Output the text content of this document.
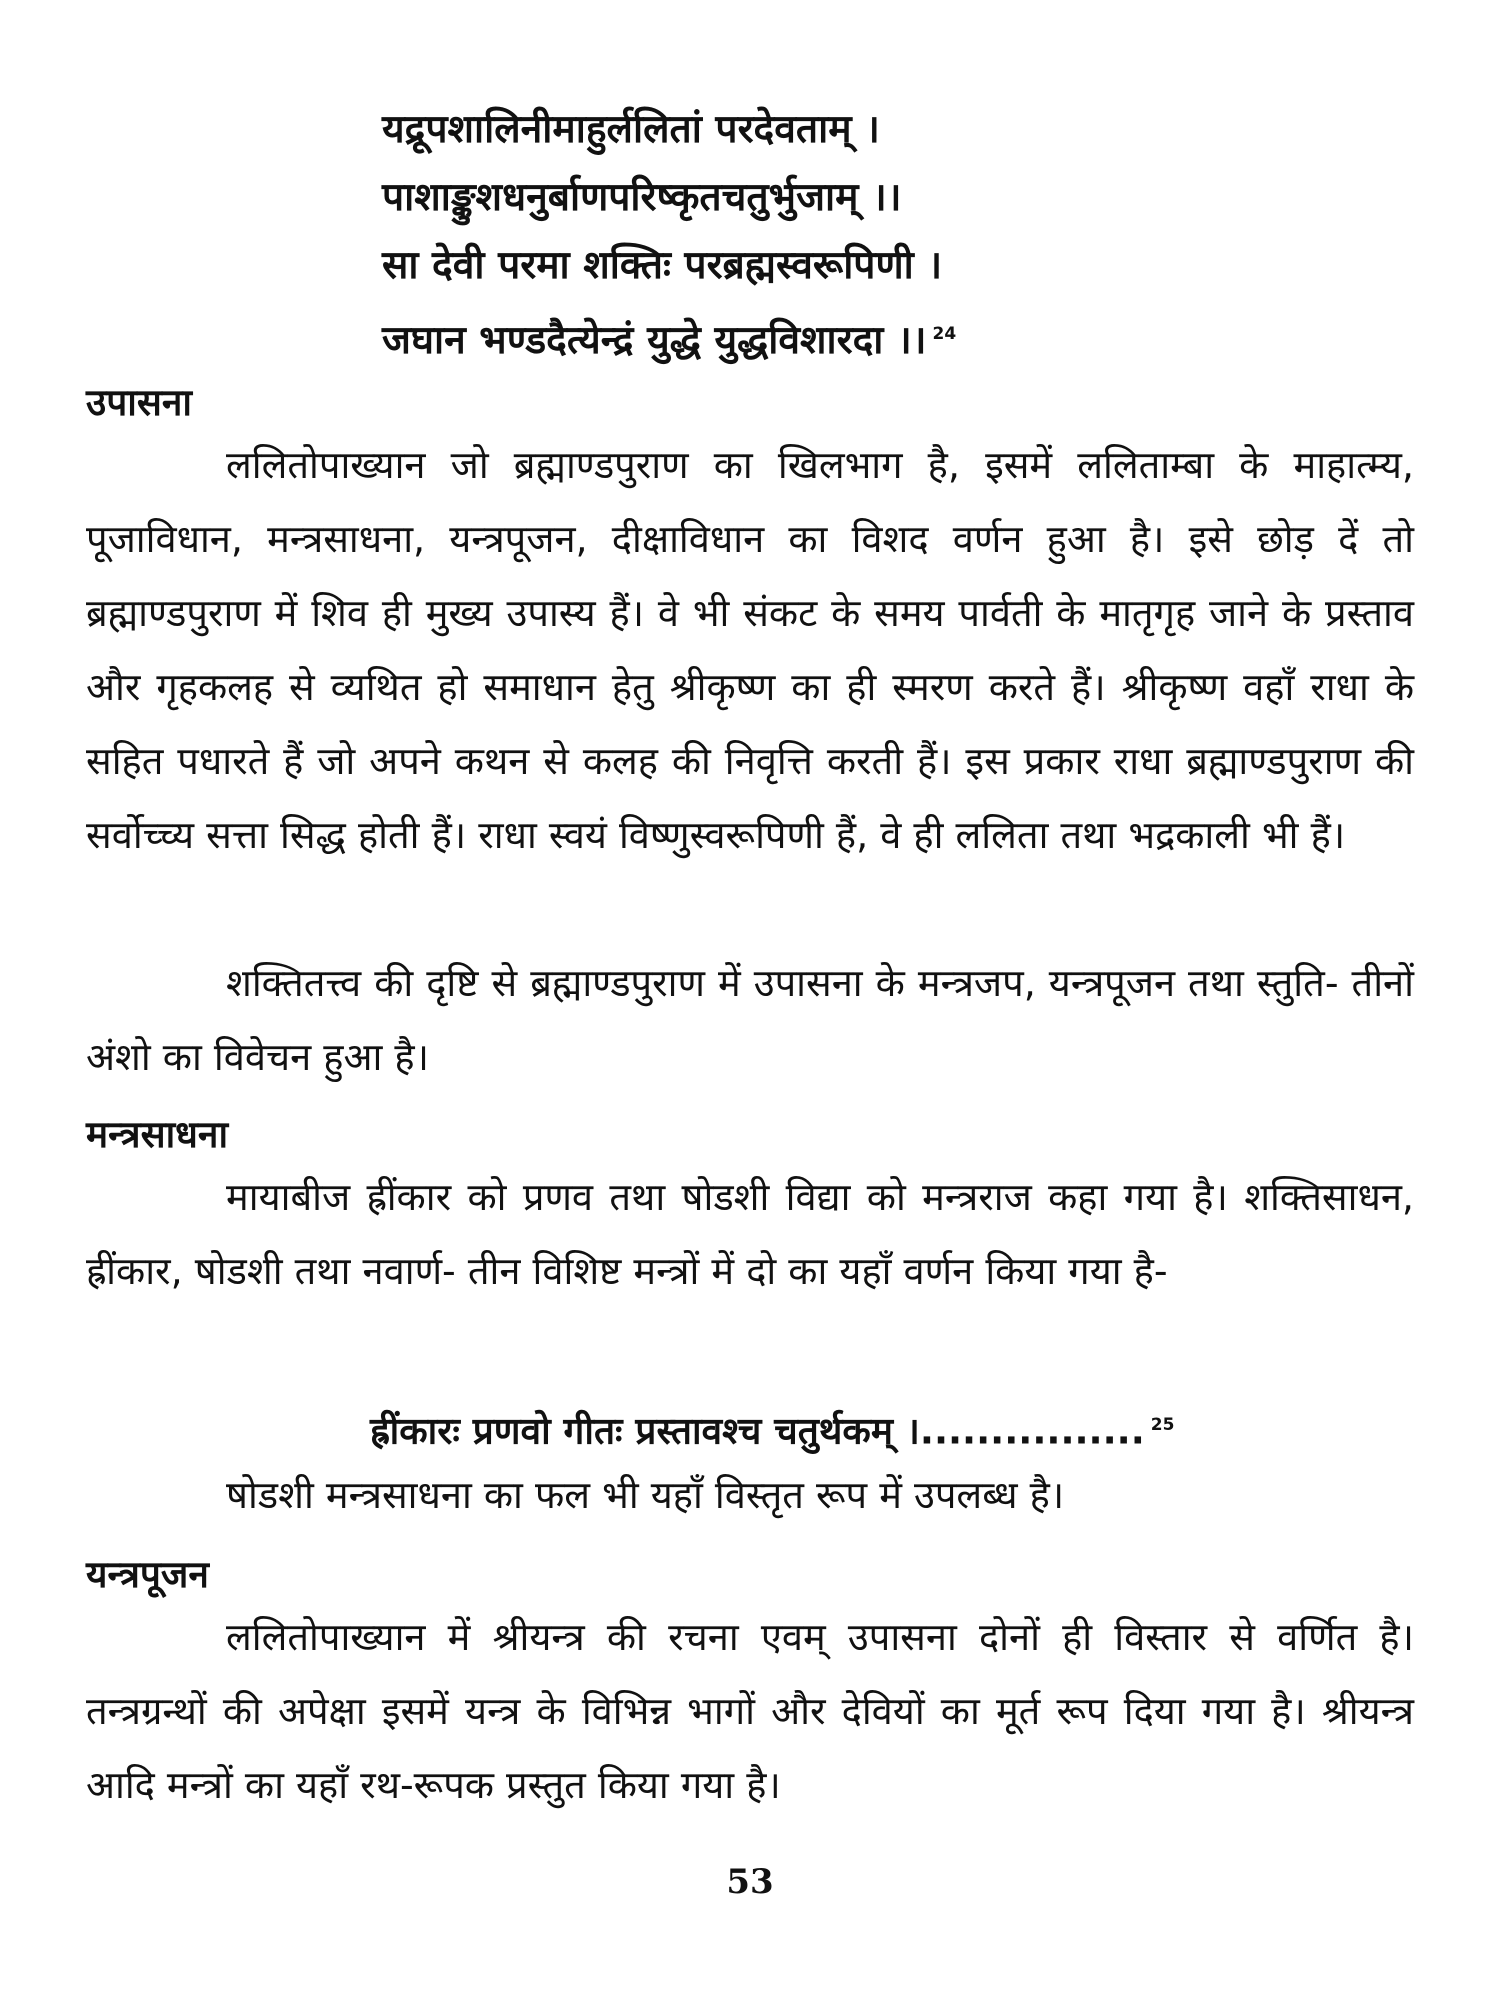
यद्रूपशालिनीमाहुर्ललितां परदेवताम् ।
पाशाङ्कुशधनुर्बाणपरिष्कृतचतुर्भुजाम् ।।
सा देवी परमा शक्तिः परब्रह्मस्वरूपिणी ।
जघान भण्डदैत्येन्द्रं युद्धे युद्धविशारदा ।। $^{24}$
उपासना

ललितोपाख्यान जो ब्रह्माण्डपुराण का खिलभाग है, इसमें ललिताम्बा के माहात्म्य, पूजाविधान, मन्त्रसाधना, यन्त्रपूजन, दीक्षाविधान का विशद वर्णन हुआ है। इसे छोड़ दें तो ब्रह्माण्डपुराण में शिव ही मुख्य उपास्य हैं। वे भी संकट के समय पार्वती के मातृगृह जाने के प्रस्ताव और गृहकलह से व्यथित हो समाधान हेतु श्रीकृष्ण का ही स्मरण करते हैं। श्रीकृष्ण वहाँ राधा के सहित पधारते हैं जो अपने कथन से कलह की निवृत्ति करती हैं। इस प्रकार राधा ब्रह्माण्डपुराण की सर्वोच्च्य सत्ता सिद्ध होती हैं। राधा स्वयं विष्णुस्वरूपिणी हैं, वे ही ललिता तथा भद्रकाली भी हैं।

शक्तितत्त्व की दृष्टि से ब्रह्माण्डपुराण में उपासना के मन्त्रजप, यन्त्रपूजन तथा स्तुति- तीनों अंशो का विवेचन हुआ है।

मन्त्रसाधना

मायाबीज ह्रींकार को प्रणव तथा षोडशी विद्या को मन्त्रराज कहा गया है। शक्तिसाधन, ह्रींकार, षोडशी तथा नवार्ण- तीन विशिष्ट मन्त्रों में दो का यहाँ वर्णन किया गया है-

ह्रींकारः प्रणवो गीतः प्रस्तावश्च चतुर्थकम् ।................ $^{25}$

षोडशी मन्त्रसाधना का फल भी यहाँ विस्तृत रूप में उपलब्ध है।

यन्त्रपूजन

ललितोपाख्यान में श्रीयन्त्र की रचना एवम् उपासना दोनों ही विस्तार से वर्णित है। तन्त्रग्रन्थों की अपेक्षा इसमें यन्त्र के विभिन्न भागों और देवियों का मूर्त रूप दिया गया है। श्रीयन्त्र आदि मन्त्रों का यहाँ रथ-रूपक प्रस्तुत किया गया है।

53
